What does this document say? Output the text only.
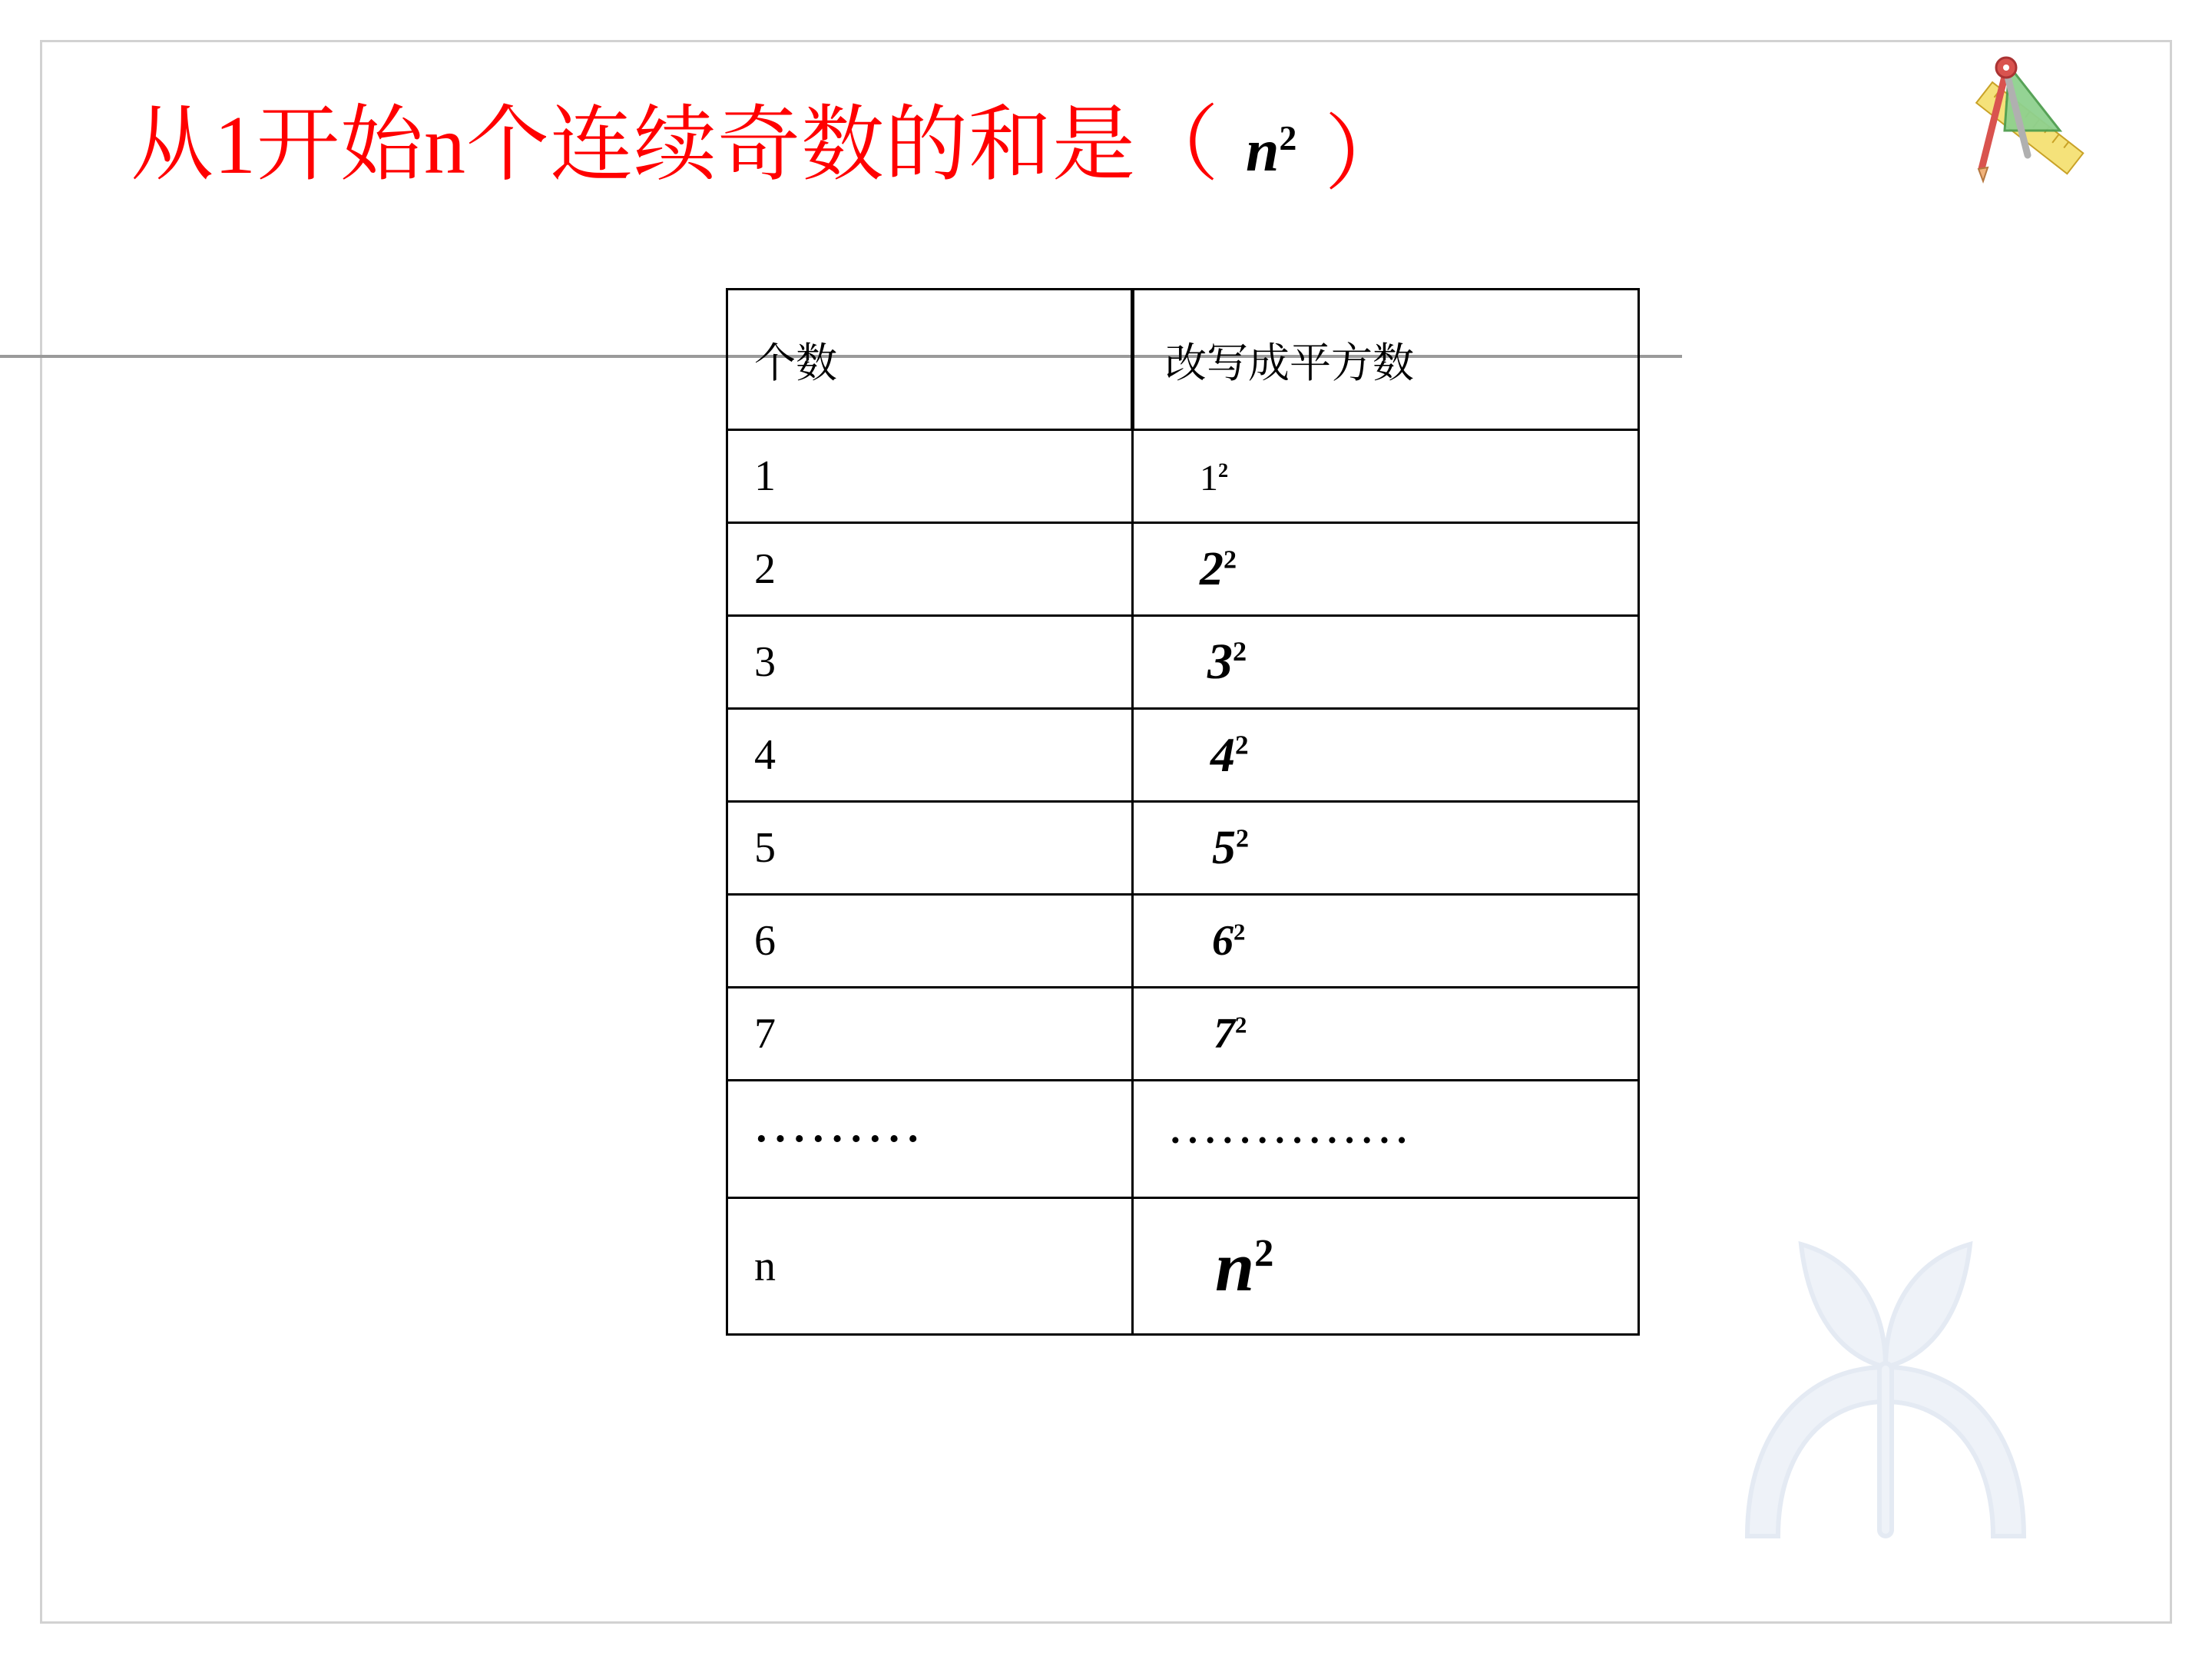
从1开始n个连续奇数的和是（ $n^2$ ）
个数	改写成平方数
1	$1^2$
2	$2^2$
3	$3^2$
4	$4^2$
5	$5^2$
6	$6^2$
7	$7^2$
·········	··············
n	$n^2$
